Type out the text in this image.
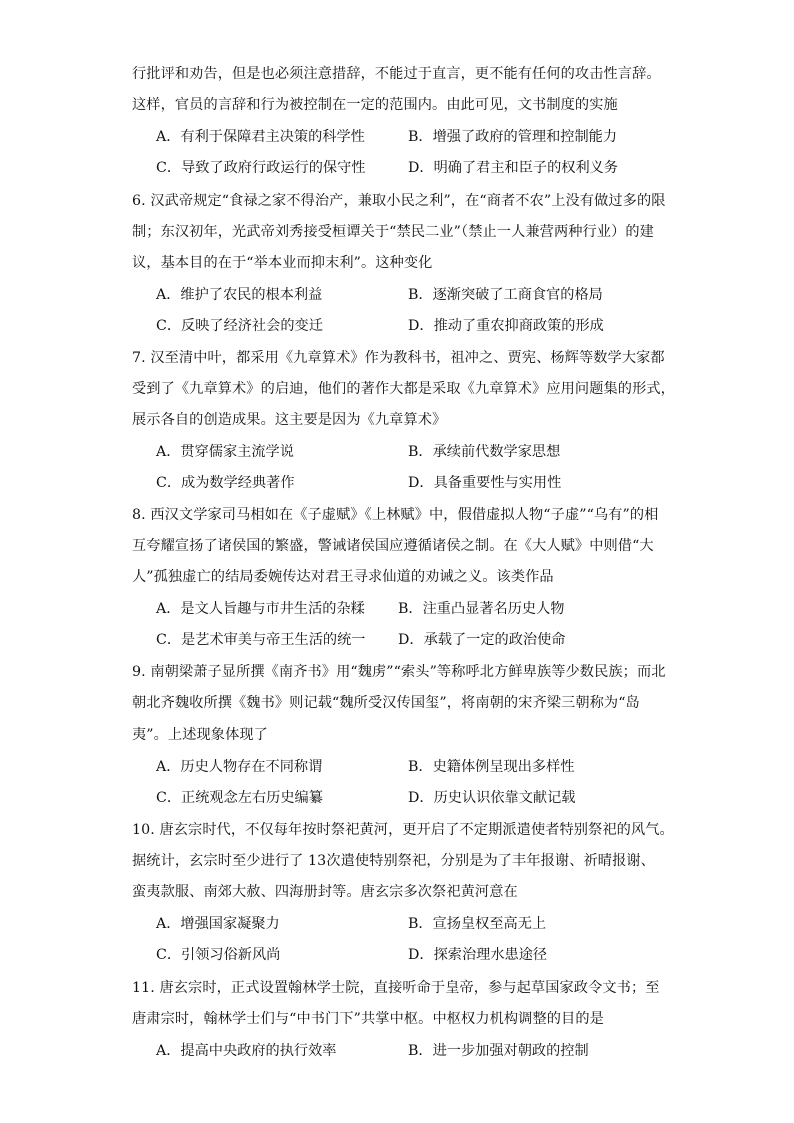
行批评和劝告，但是也必须注意措辞，不能过于直言，更不能有任何的攻击性言辞。
这样，官员的言辞和行为被控制在一定的范围内。由此可见，文书制度的实施
A．有利于保障君主决策的科学性	B．增强了政府的管理和控制能力
C．导致了政府行政运行的保守性	D．明确了君主和臣子的权利义务
6. 汉武帝规定“食禄之家不得治产，兼取小民之利”，在“商者不农”上没有做过多的限
制；东汉初年，光武帝刘秀接受桓谭关于“禁民二业”（禁止一人兼营两种行业）的建
议，基本目的在于“举本业而抑末利”。这种变化
A．维护了农民的根本利益	B．逐渐突破了工商食官的格局
C．反映了经济社会的变迁	D．推动了重农抑商政策的形成
7. 汉至清中叶，都采用《九章算术》作为教科书，祖冲之、贾宪、杨辉等数学大家都
受到了《九章算术》的启迪，他们的著作大都是采取《九章算术》应用问题集的形式，
展示各自的创造成果。这主要是因为《九章算术》
A．贯穿儒家主流学说	B．承续前代数学家思想
C．成为数学经典著作	D．具备重要性与实用性
8. 西汉文学家司马相如在《子虚赋》《上林赋》中，假借虚拟人物“子虚”“乌有”的相
互夸耀宣扬了诸侯国的繁盛，警诫诸侯国应遵循诸侯之制。在《大人赋》中则借“大
人”孤独虚亡的结局委婉传达对君王寻求仙道的劝诫之义。该类作品
A．是文人旨趣与市井生活的杂糅 B．注重凸显著名历史人物
C．是艺术审美与帝王生活的统一 D．承载了一定的政治使命
9. 南朝梁萧子显所撰《南齐书》用“魏虏”“索头”等称呼北方鲜卑族等少数民族；而北
朝北齐魏收所撰《魏书》则记载“魏所受汉传国玺”，将南朝的宋齐梁三朝称为“岛
夷”。上述现象体现了
A．历史人物存在不同称谓	B．史籍体例呈现出多样性
C．正统观念左右历史编纂	D．历史认识依靠文献记载
10. 唐玄宗时代，不仅每年按时祭祀黄河，更开启了不定期派遣使者特别祭祀的风气。
据统计，玄宗时至少进行了 13次遣使特别祭祀，分别是为了丰年报谢、祈晴报谢、
蛮夷款服、南郊大赦、四海册封等。唐玄宗多次祭祀黄河意在
A．增强国家凝聚力	B．宣扬皇权至高无上
C．引领习俗新风尚	D．探索治理水患途径
11. 唐玄宗时，正式设置翰林学士院，直接听命于皇帝，参与起草国家政令文书；至
唐肃宗时，翰林学士们与“中书门下”共掌中枢。中枢权力机构调整的目的是
A．提高中央政府的执行效率	B．进一步加强对朝政的控制
